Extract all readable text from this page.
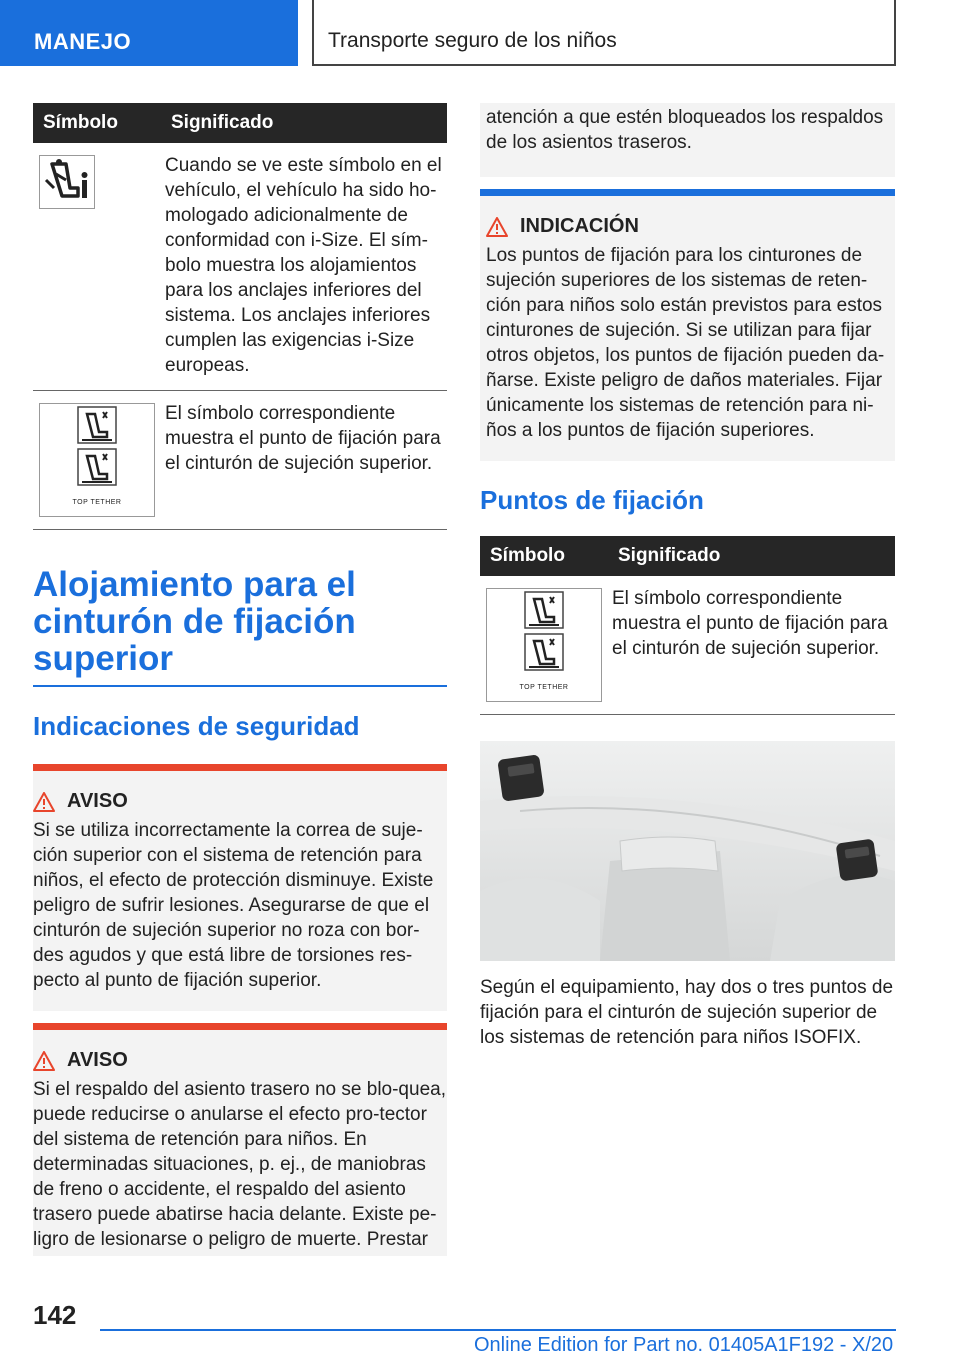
MANEJO	Transporte seguro de los niños
Símbolo	Significado

	Cuando se ve este símbolo en el vehículo, el vehículo ha sido ho-mologado adicionalmente de conformidad con i-Size. El sím-bolo muestra los alojamientos para los anclajes inferiores del sistema. Los anclajes inferiores cumplen las exigencias i-Size europeas.

TOP TETHER	El símbolo correspondiente muestra el punto de fijación para el cinturón de sujeción superior.
Alojamiento para el cinturón de fijación superior
Indicaciones de seguridad
AVISO
Si se utiliza incorrectamente la correa de suje-ción superior con el sistema de retención para niños, el efecto de protección disminuye. Existe peligro de sufrir lesiones. Asegurarse de que el cinturón de sujeción superior no roza con bor-des agudos y que está libre de torsiones res-pecto al punto de fijación superior.
AVISO
Si el respaldo del asiento trasero no se blo-quea, puede reducirse o anularse el efecto pro-tector del sistema de retención para niños. En determinadas situaciones, p. ej., de maniobras de freno o accidente, el respaldo del asiento trasero puede abatirse hacia delante. Existe pe-ligro de lesionarse o peligro de muerte. Prestar
atención a que estén bloqueados los respaldos de los asientos traseros.
INDICACIÓN
Los puntos de fijación para los cinturones de sujeción superiores de los sistemas de reten-ción para niños solo están previstos para estos cinturones de sujeción. Si se utilizan para fijar otros objetos, los puntos de fijación pueden da-ñarse. Existe peligro de daños materiales. Fijar únicamente los sistemas de retención para ni-ños a los puntos de fijación superiores.
Puntos de fijación
Símbolo	Significado

TOP TETHER	El símbolo correspondiente muestra el punto de fijación para el cinturón de sujeción superior.

Según el equipamiento, hay dos o tres puntos de fijación para el cinturón de sujeción superior de los sistemas de retención para niños ISOFIX.

142
Online Edition for Part no. 01405A1F192 - X/20
